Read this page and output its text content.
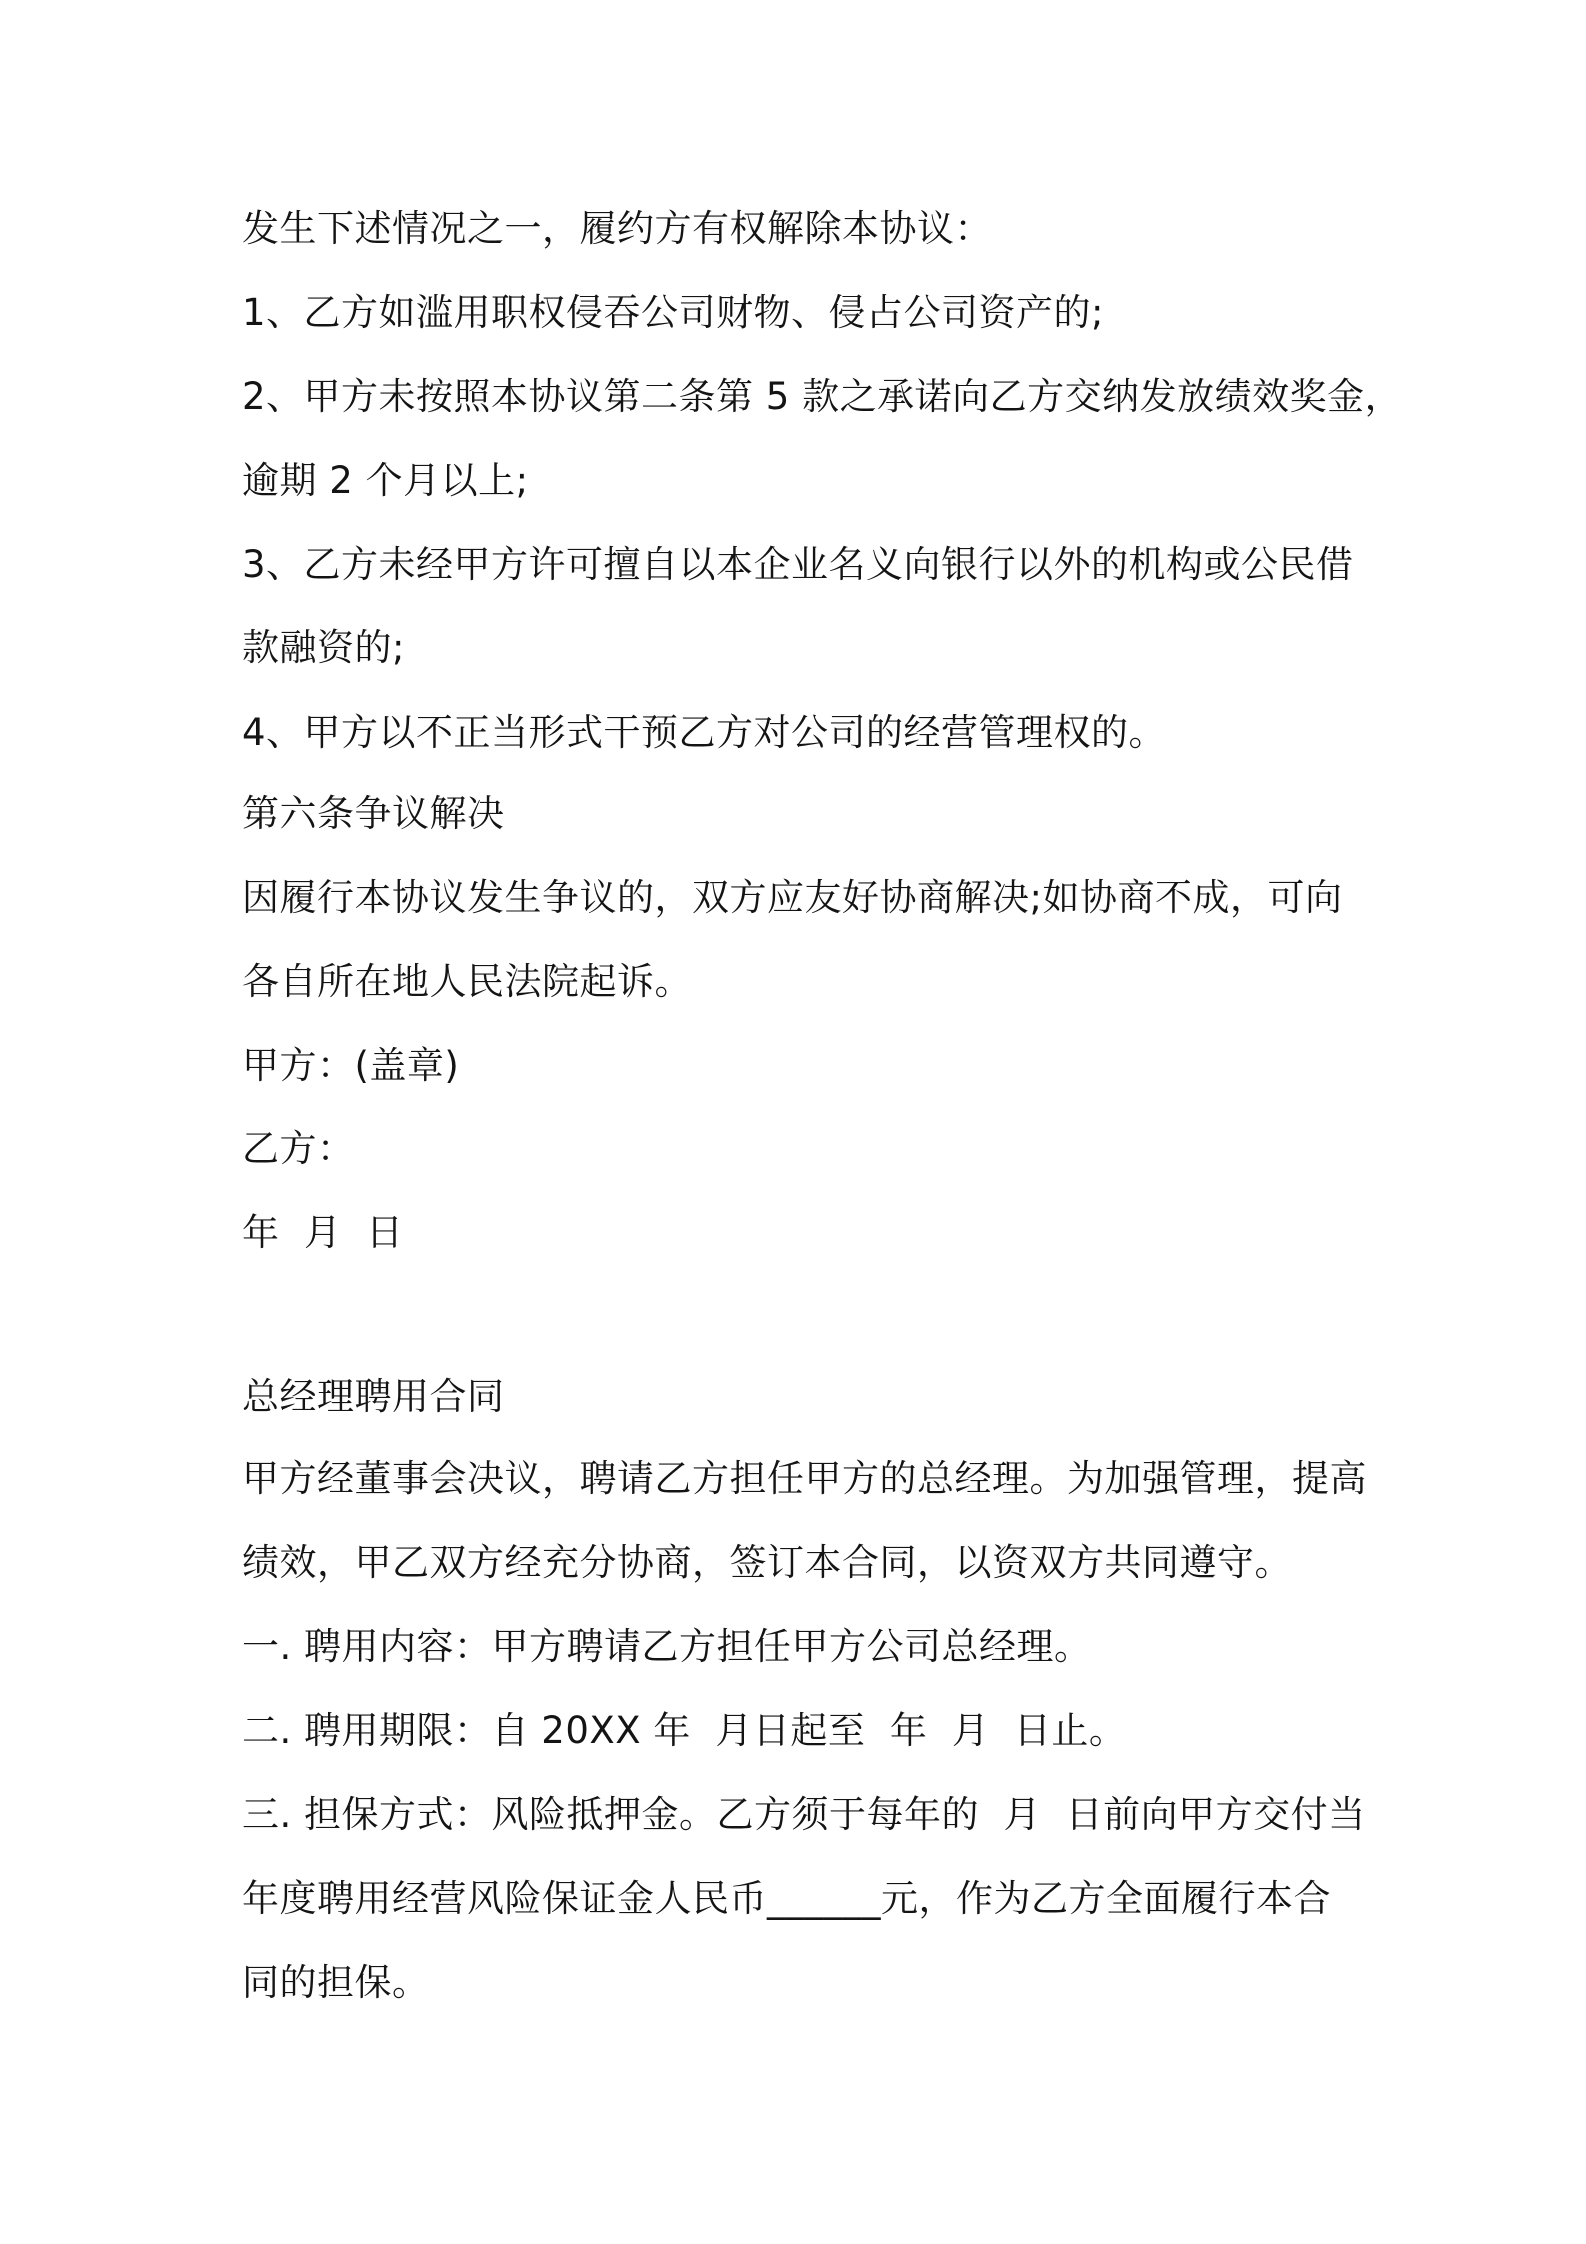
发生下述情况之一，履约方有权解除本协议：

1、乙方如滥用职权侵吞公司财物、侵占公司资产的;

2、甲方未按照本协议第二条第 5 款之承诺向乙方交纳发放绩效奖金，

逾期 2 个月以上;

3、乙方未经甲方许可擅自以本企业名义向银行以外的机构或公民借

款融资的;

4、甲方以不正当形式干预乙方对公司的经营管理权的。

第六条争议解决

因履行本协议发生争议的，双方应友好协商解决;如协商不成，可向

各自所在地人民法院起诉。

甲方：(盖章)

乙方：

年  月  日

总经理聘用合同

甲方经董事会决议，聘请乙方担任甲方的总经理。为加强管理，提高

绩效，甲乙双方经充分协商，签订本合同，以资双方共同遵守。

一. 聘用内容：甲方聘请乙方担任甲方公司总经理。

二. 聘用期限：自 20XX 年  月日起至  年  月  日止。

三. 担保方式：风险抵押金。乙方须于每年的  月  日前向甲方交付当

年度聘用经营风险保证金人民币______元，作为乙方全面履行本合

同的担保。
